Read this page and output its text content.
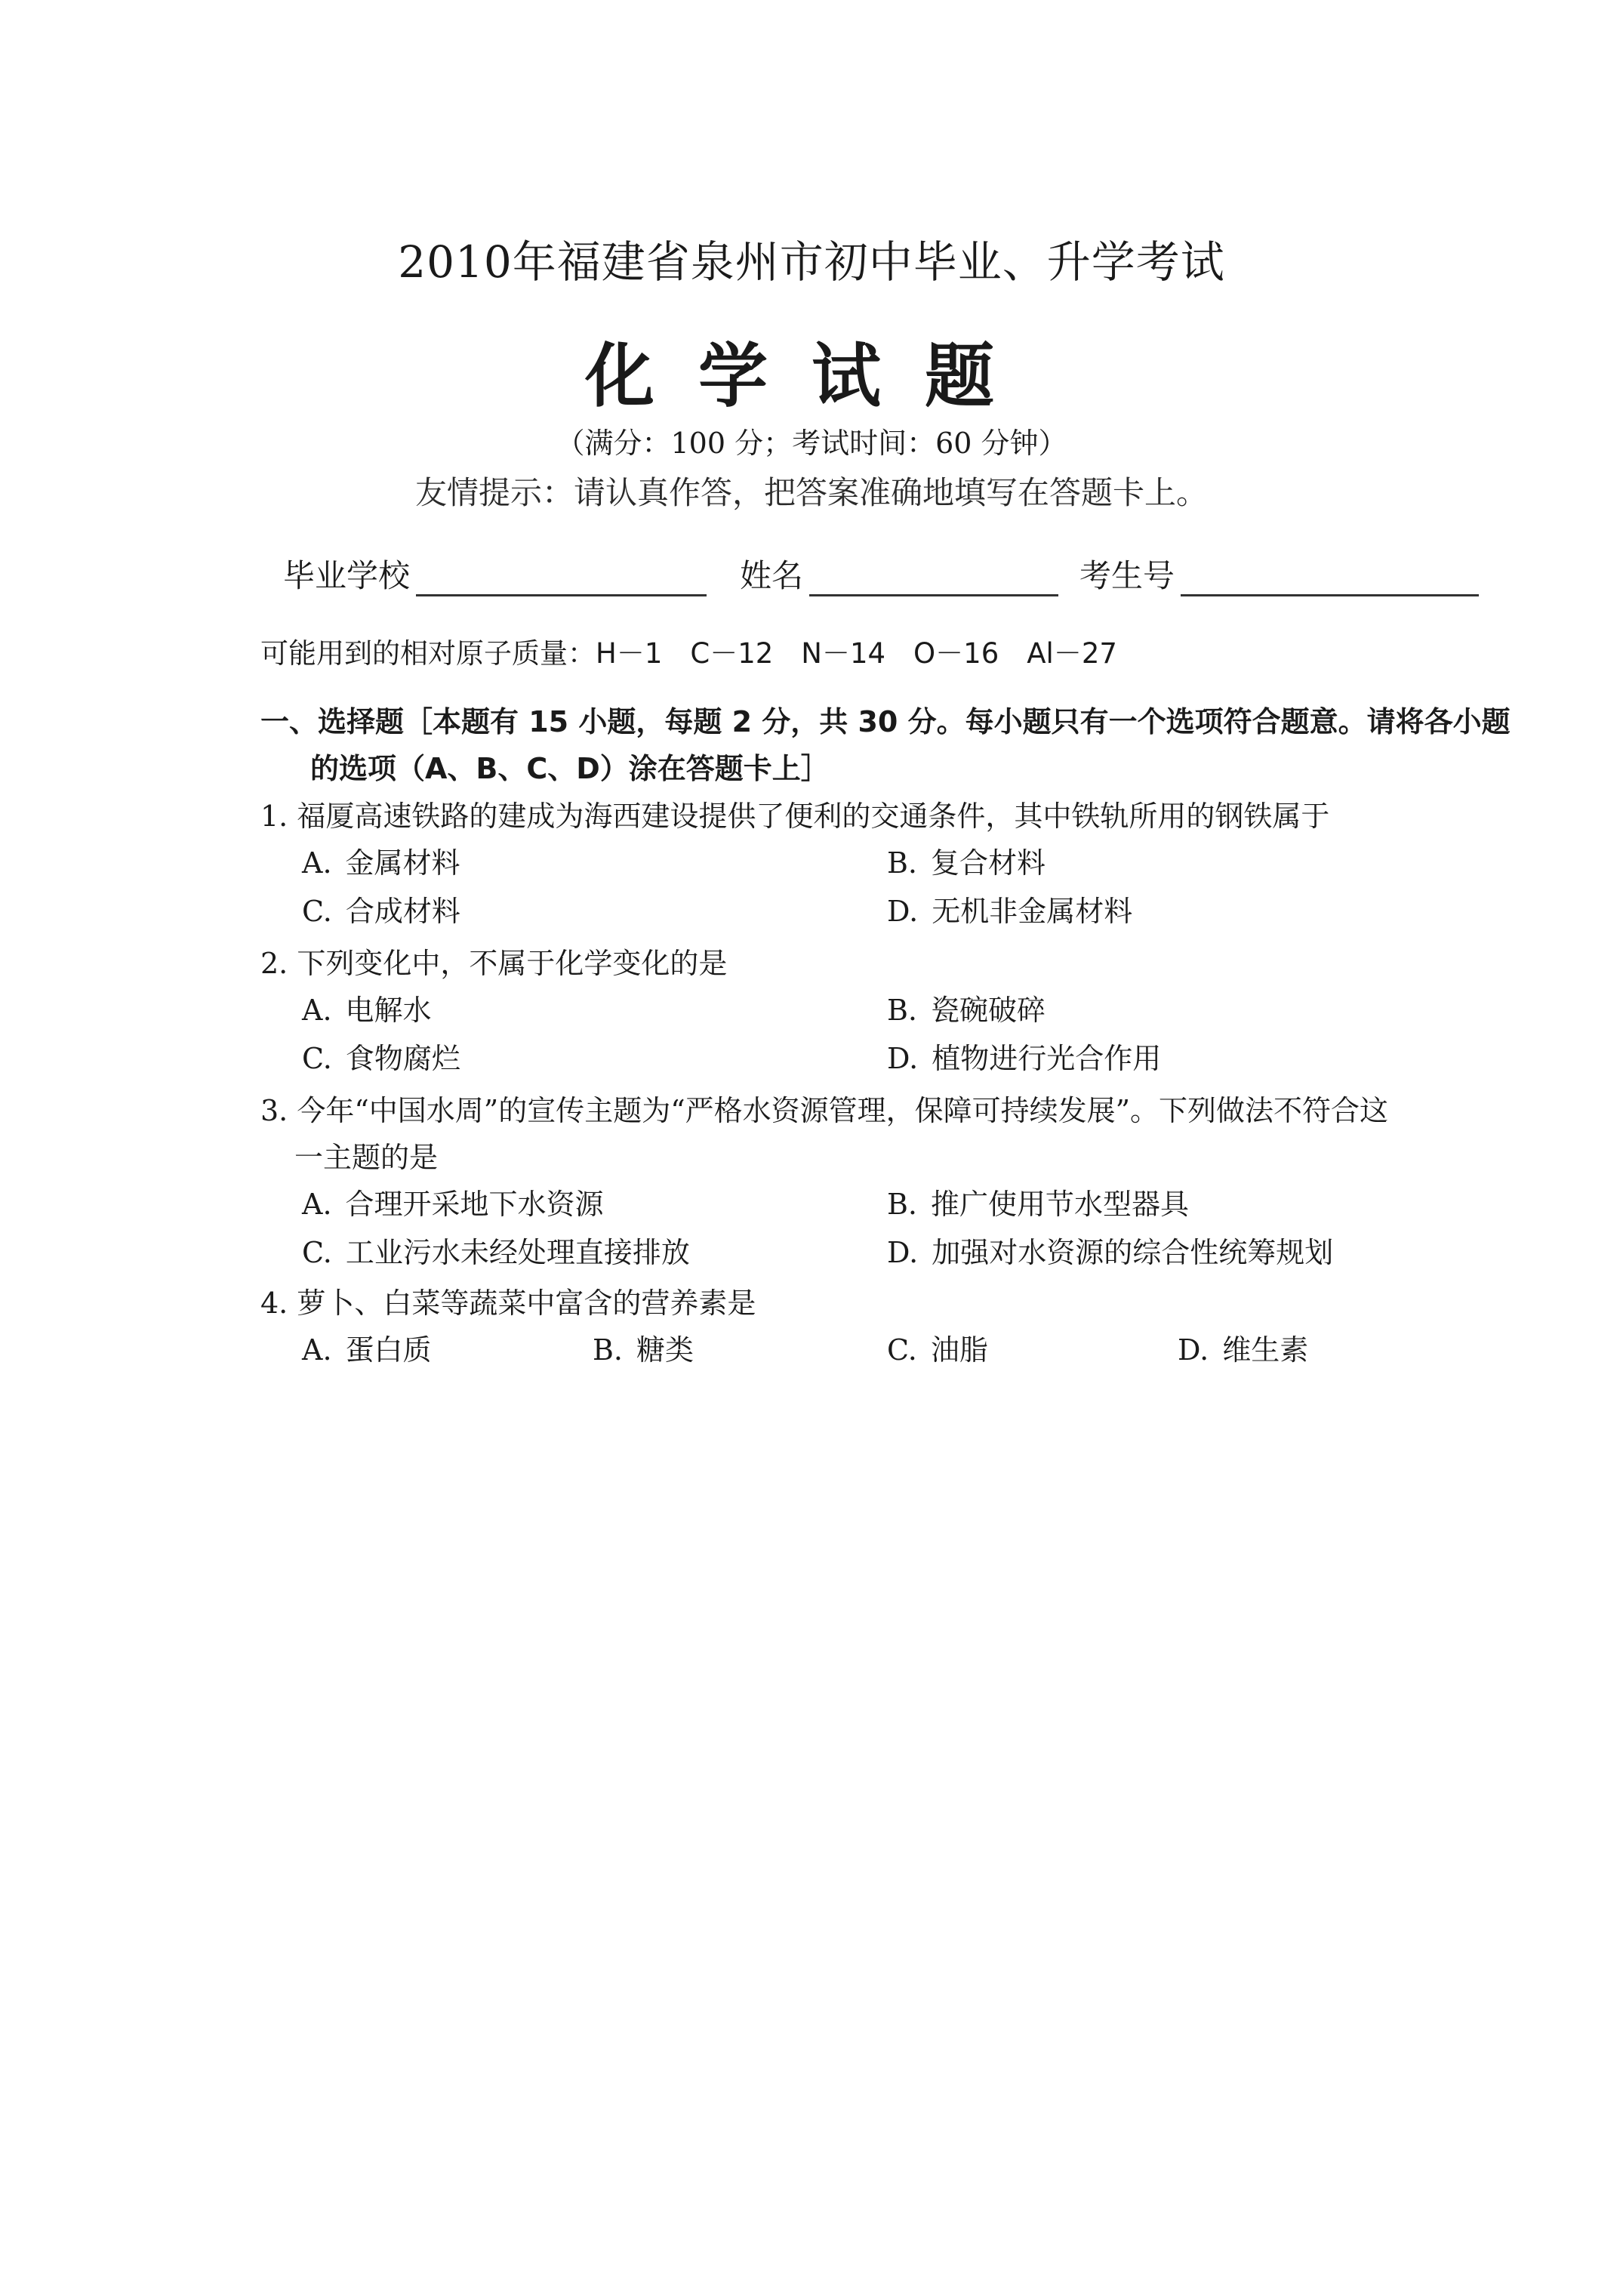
2010年福建省泉州市初中毕业、升学考试
化学试题
（满分：100 分；考试时间：60 分钟）
友情提示：请认真作答，把答案准确地填写在答题卡上。
毕业学校	姓名	考生号
可能用到的相对原子质量：H－1　C－12　N－14　O－16　Al－27
一、选择题［本题有 15 小题，每题 2 分，共 30 分。每小题只有一个选项符合题意。请将各小题
的选项（A、B、C、D）涂在答题卡上］
1. 福厦高速铁路的建成为海西建设提供了便利的交通条件，其中铁轨所用的钢铁属于
A. 金属材料	B. 复合材料
C. 合成材料	D. 无机非金属材料
2. 下列变化中，不属于化学变化的是
A. 电解水	B. 瓷碗破碎
C. 食物腐烂	D. 植物进行光合作用
3. 今年“中国水周”的宣传主题为“严格水资源管理，保障可持续发展”。下列做法不符合这
一主题的是
A. 合理开采地下水资源	B. 推广使用节水型器具
C. 工业污水未经处理直接排放	D. 加强对水资源的综合性统筹规划
4. 萝卜、白菜等蔬菜中富含的营养素是
A. 蛋白质	B. 糖类	C. 油脂	D. 维生素
